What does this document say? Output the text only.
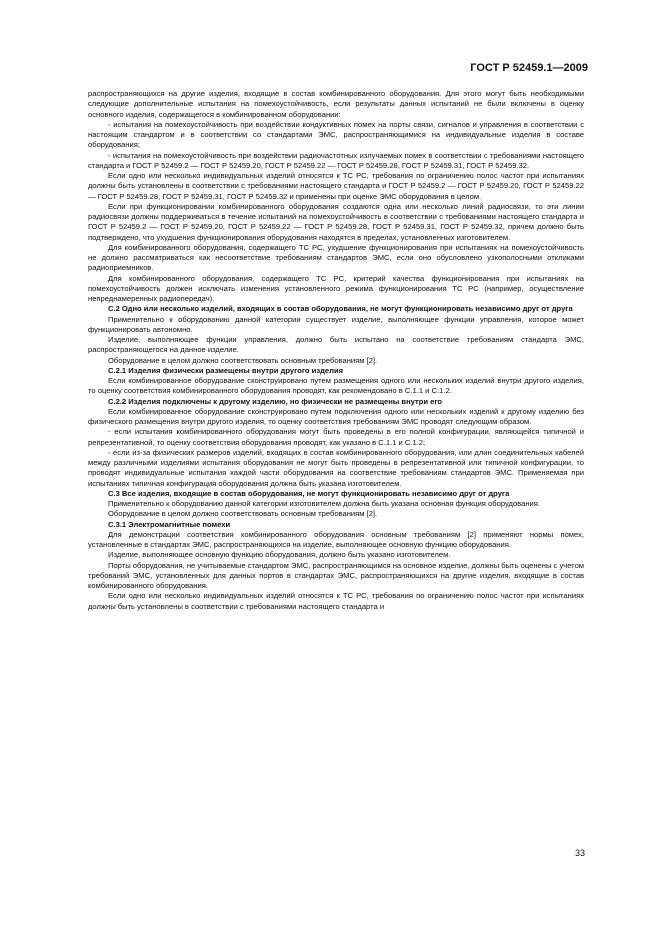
ГОСТ Р 52459.1—2009

распространяющихся на другие изделия, входящие в состав комбинированного оборудования. Для этого могут быть необходимыми следующие дополнительные испытания на помехоустойчивость, если результаты данных испытаний не были включены в оценку основного изделия, содержащегося в комбинированном оборудовании:

- испытания на помехоустойчивость при воздействии кондуктивных помех на порты связи, сигналов и управления в соответствии с настоящим стандартом и в соответствии со стандартами ЭМС, распространяющимися на индивидуальные изделия в составе оборудования;

- испытания на помехоустойчивость при воздействии радиочастотных излучаемых помех в соответствии с требованиями настоящего стандарта и ГОСТ Р 52459.2 — ГОСТ Р 52459.20, ГОСТ Р 52459.22 — ГОСТ Р 52459.28, ГОСТ Р 52459.31, ГОСТ Р 52459.32.

Если одно или несколько индивидуальных изделий относятся к ТС РС, требования по ограничению полос частот при испытаниях должны быть установлены в соответствии с требованиями настоящего стандарта и ГОСТ Р 52459.2 — ГОСТ Р 52459.20, ГОСТ Р 52459.22 — ГОСТ Р 52459.28, ГОСТ Р 52459.31, ГОСТ Р 52459.32 и применены при оценке ЭМС оборудования в целом.

Если при функционировании комбинированного оборудования создаются одна или несколько линий радиосвязи, то эти линии радиосвязи должны поддерживаться в течение испытаний на помехоустойчивость в соответствии с требованиями настоящего стандарта и ГОСТ Р 52459.2 — ГОСТ Р 52459.20, ГОСТ Р 52459.22 — ГОСТ Р 52459.28, ГОСТ Р 52459.31, ГОСТ Р 52459.32, причем должно быть подтверждено, что ухудшения функционирования оборудования находятся в пределах, установленных изготовителем.

Для комбинированного оборудования, содержащего ТС РС, ухудшение функционирования при испытаниях на помехоустойчивость не должно рассматриваться как несоответствие требованиям стандартов ЭМС, если оно обусловлено узкополосными откликами радиоприемников.

Для комбинированного оборудования, содержащего ТС РС, критерий качества функционирования при испытаниях на помехоустойчивость должен исключать изменения установленного режима функционирования ТС РС (например, осуществление непреднамеренных радиопередач).

С.2 Одно или несколько изделий, входящих в состав оборудования, не могут функционировать независимо друг от друга

Применительно к оборудованию данной категории существует изделие, выполняющее функции управления, которое может функционировать автономно.

Изделие, выполняющее функции управления, должно быть испытано на соответствие требованиям стандарта ЭМС, распространяющегося на данное изделие.

Оборудование в целом должно соответствовать основным требованиям [2].

С.2.1 Изделия физически размещены внутри другого изделия

Если комбинированное оборудование сконструировано путем размещения одного или нескольких изделий внутри другого изделия, то оценку соответствия комбинированного оборудования проводят, как рекомендовано в С.1.1 и С.1.2.

С.2.2 Изделия подключены к другому изделию, но физически не размещены внутри его

Если комбинированное оборудование сконструировано путем подключения одного или нескольких изделий к другому изделию без физического размещения внутри другого изделия, то оценку соответствия требованиям ЭМС проводят следующим образом.

- если испытания комбинированного оборудования могут быть проведены в его полной конфигурации, являющейся типичной и репрезентативной, то оценку соответствия оборудования проводят, как указано в С.1.1 и С.1.2;

- если из-за физических размеров изделий, входящих в состав комбинированного оборудования, или длин соединительных кабелей между различными изделиями испытания оборудования не могут быть проведены в репрезентативной или типичной конфигурации, то проводят индивидуальные испытания каждой части оборудования на соответствие требованиям стандартов ЭМС. Применяемая при испытаниях типичная конфигурация оборудования должна быть указана изготовителем.

С.3 Все изделия, входящие в состав оборудования, не могут функционировать независимо друг от друга

Применительно к оборудованию данной категории изготовителем должна быть указана основная функция оборудования.

Оборудование в целом должно соответствовать основным требованиям [2].

С.3.1 Электромагнитные помехи

Для демонстрации соответствия комбинированного оборудования основным требованиям [2] применяют нормы помех, установленные в стандартах ЭМС, распространяющихся на изделие, выполняющее основную функцию оборудования.

Изделие, выполняющее основную функцию оборудования, должно быть указано изготовителем.

Порты оборудования, не учитываемые стандартом ЭМС, распространяющимся на основное изделие, должны быть оценены с учетом требований ЭМС, установленных для данных портов в стандартах ЭМС, распространяющихся на другие изделия, входящие в состав комбинированного оборудования.

Если одно или несколько индивидуальных изделий относятся к ТС РС, требования по ограничению полос частот при испытаниях должны быть установлены в соответствии с требованиями настоящего стандарта и

33
